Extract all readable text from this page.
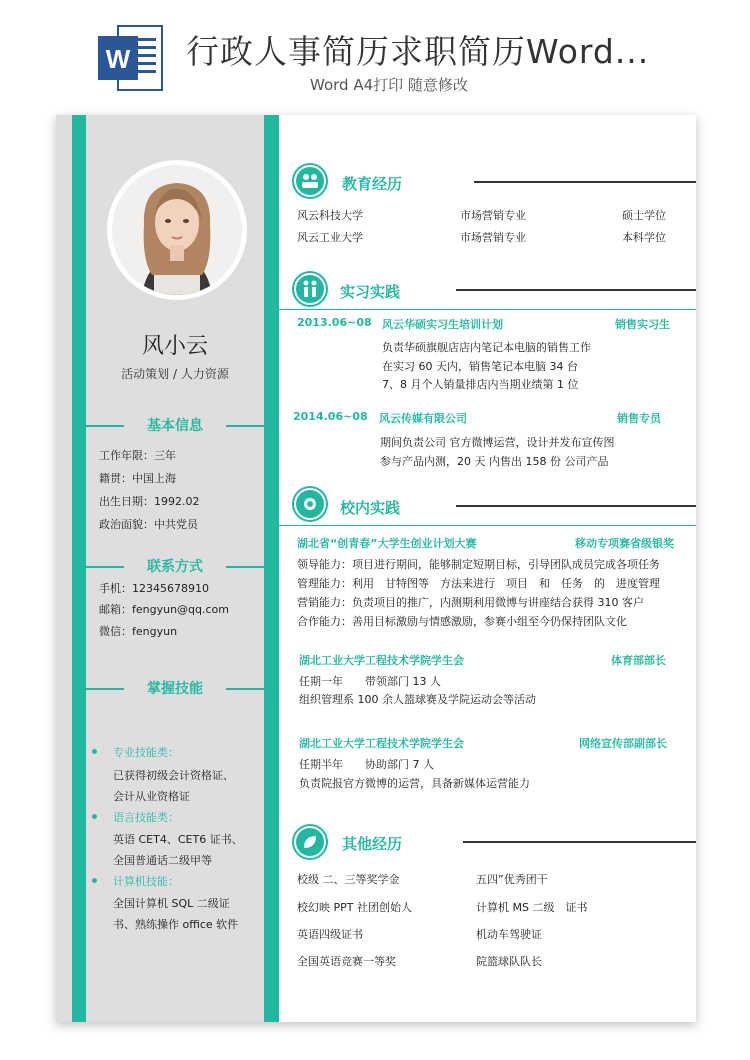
W 行政人事简历求职简历Word...
Word A4打印 随意修改
风小云
活动策划 / 人力资源
基本信息
工作年限：三年
籍贯：中国上海
出生日期：1992.02
政治面貌：中共党员
联系方式
手机：12345678910
邮箱：fengyun@qq.com
微信：fengyun
掌握技能
专业技能类：
已获得初级会计资格证、
会计从业资格证
语言技能类：
英语 CET4、CET6 证书、
全国普通话二级甲等
计算机技能：
全国计算机 SQL 二级证
书、熟练操作 office 软件
教育经历
风云科技大学	市场营销专业	硕士学位
风云工业大学	市场营销专业	本科学位
实习实践
2013.06~08 风云华硕实习生培训计划	销售实习生
负责华硕旗舰店店内笔记本电脑的销售工作
在实习 60 天内，销售笔记本电脑 34 台
7、8 月个人销量排店内当期业绩第 1 位
2014.06~08 风云传媒有限公司	销售专员
期间负责公司 官方微博运营，设计并发布宣传图
参与产品内测，20 天 内售出 158 份 公司产品
校内实践
湖北省“创青春”大学生创业计划大赛	移动专项赛省级银奖
领导能力：项目进行期间，能够制定短期目标，引导团队成员完成各项任务
管理能力：利用　甘特图等　方法来进行　项目　和　任务　的　进度管理
营销能力：负责项目的推广，内测期利用微博与讲座结合获得 310 客户
合作能力：善用目标激励与情感激励，参赛小组至今仍保持团队文化
湖北工业大学工程技术学院学生会	体育部部长
任期一年　　带领部门 13 人
组织管理系 100 余人篮球赛及学院运动会等活动
湖北工业大学工程技术学院学生会	网络宣传部副部长
任期半年　　协助部门 7 人
负责院报官方微博的运营，具备新媒体运营能力
其他经历
校级 二、三等奖学金	五四”优秀团干
校幻映 PPT 社团创始人	计算机 MS 二级　证书
英语四级证书	机动车驾驶证
全国英语竞赛一等奖	院篮球队队长
